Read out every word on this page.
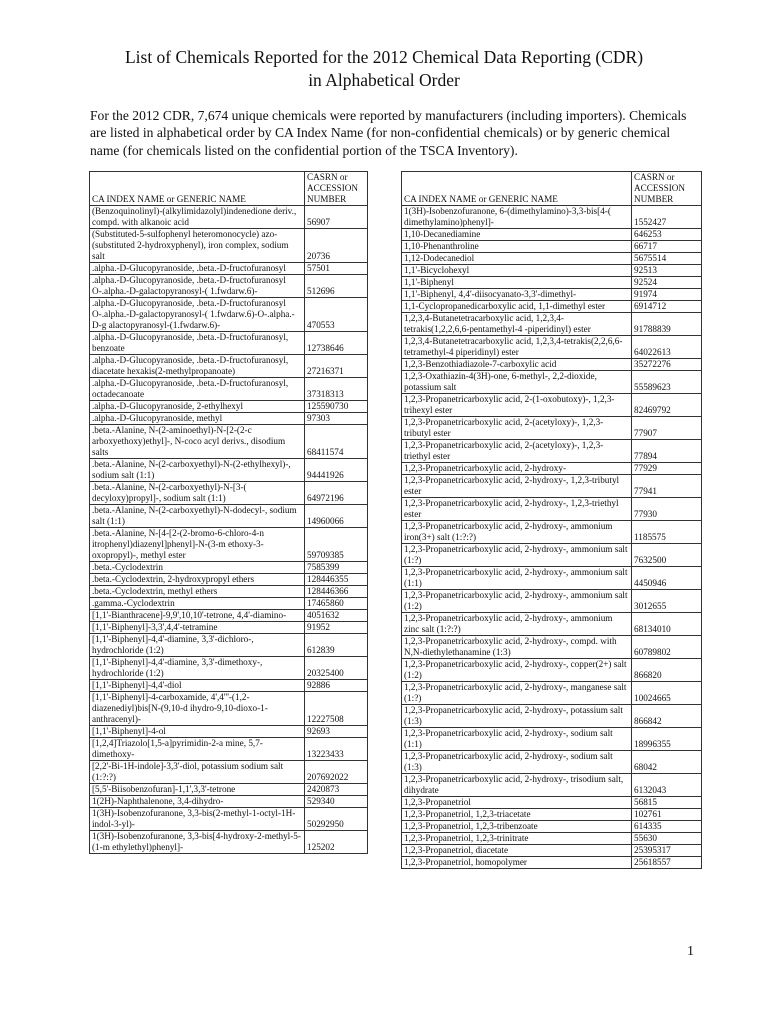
List of Chemicals Reported for the 2012 Chemical Data Reporting (CDR)
in Alphabetical Order

For the 2012 CDR, 7,674 unique chemicals were reported by manufacturers (including importers). Chemicals are listed in alphabetical order by CA Index Name (for non-confidential chemicals) or by generic chemical name (for chemicals listed on the confidential portion of the TSCA Inventory).

CA INDEX NAME or GENERIC NAME	CASRN or ACCESSION NUMBER
(Benzoquinolinyl)-(alkylimidazolyl)indenedione deriv., compd. with alkanoic acid	56907
(Substituted-5-sulfophenyl heteromonocycle) azo-(substituted 2-hydroxyphenyl), iron complex, sodium salt	20736
.alpha.-D-Glucopyranoside, .beta.-D-fructofuranosyl	57501
.alpha.-D-Glucopyranoside, .beta.-D-fructofuranosyl O-.alpha.-D-galactopyranosyl-( 1.fwdarw.6)-	512696
.alpha.-D-Glucopyranoside, .beta.-D-fructofuranosyl O-.alpha.-D-galactopyranosyl-( 1.fwdarw.6)-O-.alpha.-D-g alactopyranosyl-(1.fwdarw.6)-	470553
.alpha.-D-Glucopyranoside, .beta.-D-fructofuranosyl, benzoate	12738646
.alpha.-D-Glucopyranoside, .beta.-D-fructofuranosyl, diacetate hexakis(2-methylpropanoate)	27216371
.alpha.-D-Glucopyranoside, .beta.-D-fructofuranosyl, octadecanoate	37318313
.alpha.-D-Glucopyranoside, 2-ethylhexyl	125590730
.alpha.-D-Glucopyranoside, methyl	97303
.beta.-Alanine, N-(2-aminoethyl)-N-[2-(2-c arboxyethoxy)ethyl]-, N-coco acyl derivs., disodium salts	68411574
.beta.-Alanine, N-(2-carboxyethyl)-N-(2-ethylhexyl)-, sodium salt (1:1)	94441926
.beta.-Alanine, N-(2-carboxyethyl)-N-[3-( decyloxy)propyl]-, sodium salt (1:1)	64972196
.beta.-Alanine, N-(2-carboxyethyl)-N-dodecyl-, sodium salt (1:1)	14960066
.beta.-Alanine, N-[4-[2-(2-bromo-6-chloro-4-n itrophenyl)diazenyl]phenyl]-N-(3-m ethoxy-3-oxopropyl)-, methyl ester	59709385
.beta.-Cyclodextrin	7585399
.beta.-Cyclodextrin, 2-hydroxypropyl ethers	128446355
.beta.-Cyclodextrin, methyl ethers	128446366
.gamma.-Cyclodextrin	17465860
[1,1'-Bianthracene]-9,9',10,10'-tetrone, 4,4'-diamino-	4051632
[1,1'-Biphenyl]-3,3',4,4'-tetramine	91952
[1,1'-Biphenyl]-4,4'-diamine, 3,3'-dichloro-, hydrochloride (1:2)	612839
[1,1'-Biphenyl]-4,4'-diamine, 3,3'-dimethoxy-, hydrochloride (1:2)	20325400
[1,1'-Biphenyl]-4,4'-diol	92886
[1,1'-Biphenyl]-4-carboxamide, 4',4'''-(1,2-diazenediyl)bis[N-(9,10-d ihydro-9,10-dioxo-1-anthracenyl)-	12227508
[1,1'-Biphenyl]-4-ol	92693
[1,2,4]Triazolo[1,5-a]pyrimidin-2-a mine, 5,7-dimethoxy-	13223433
[2,2'-Bi-1H-indole]-3,3'-diol, potassium sodium salt (1:?:?)	207692022
[5,5'-Biisobenzofuran]-1,1',3,3'-tetrone	2420873
1(2H)-Naphthalenone, 3,4-dihydro-	529340
1(3H)-Isobenzofuranone, 3,3-bis(2-methyl-1-octyl-1H-indol-3-yl)-	50292950
1(3H)-Isobenzofuranone, 3,3-bis[4-hydroxy-2-methyl-5-(1-m ethylethyl)phenyl]-	125202
CA INDEX NAME or GENERIC NAME	CASRN or ACCESSION NUMBER
1(3H)-Isobenzofuranone, 6-(dimethylamino)-3,3-bis[4-( dimethylamino)phenyl]-	1552427
1,10-Decanediamine	646253
1,10-Phenanthroline	66717
1,12-Dodecanediol	5675514
1,1'-Bicyclohexyl	92513
1,1'-Biphenyl	92524
1,1'-Biphenyl, 4,4'-diisocyanato-3,3'-dimethyl-	91974
1,1-Cyclopropanedicarboxylic acid, 1,1-dimethyl ester	6914712
1,2,3,4-Butanetetracarboxylic acid, 1,2,3,4-tetrakis(1,2,2,6,6-pentamethyl-4 -piperidinyl) ester	91788839
1,2,3,4-Butanetetracarboxylic acid, 1,2,3,4-tetrakis(2,2,6,6-tetramethyl-4 piperidinyl) ester	64022613
1,2,3-Benzothiadiazole-7-carboxylic acid	35272276
1,2,3-Oxathiazin-4(3H)-one, 6-methyl-, 2,2-dioxide, potassium salt	55589623
1,2,3-Propanetricarboxylic acid, 2-(1-oxobutoxy)-, 1,2,3-trihexyl ester	82469792
1,2,3-Propanetricarboxylic acid, 2-(acetyloxy)-, 1,2,3-tributyl ester	77907
1,2,3-Propanetricarboxylic acid, 2-(acetyloxy)-, 1,2,3-triethyl ester	77894
1,2,3-Propanetricarboxylic acid, 2-hydroxy-	77929
1,2,3-Propanetricarboxylic acid, 2-hydroxy-, 1,2,3-tributyl ester	77941
1,2,3-Propanetricarboxylic acid, 2-hydroxy-, 1,2,3-triethyl ester	77930
1,2,3-Propanetricarboxylic acid, 2-hydroxy-, ammonium iron(3+) salt (1:?:?)	1185575
1,2,3-Propanetricarboxylic acid, 2-hydroxy-, ammonium salt (1:?)	7632500
1,2,3-Propanetricarboxylic acid, 2-hydroxy-, ammonium salt (1:1)	4450946
1,2,3-Propanetricarboxylic acid, 2-hydroxy-, ammonium salt (1:2)	3012655
1,2,3-Propanetricarboxylic acid, 2-hydroxy-, ammonium zinc salt (1:?:?)	68134010
1,2,3-Propanetricarboxylic acid, 2-hydroxy-, compd. with N,N-diethylethanamine (1:3)	60789802
1,2,3-Propanetricarboxylic acid, 2-hydroxy-, copper(2+) salt (1:2)	866820
1,2,3-Propanetricarboxylic acid, 2-hydroxy-, manganese salt (1:?)	10024665
1,2,3-Propanetricarboxylic acid, 2-hydroxy-, potassium salt (1:3)	866842
1,2,3-Propanetricarboxylic acid, 2-hydroxy-, sodium salt (1:1)	18996355
1,2,3-Propanetricarboxylic acid, 2-hydroxy-, sodium salt (1:3)	68042
1,2,3-Propanetricarboxylic acid, 2-hydroxy-, trisodium salt, dihydrate	6132043
1,2,3-Propanetriol	56815
1,2,3-Propanetriol, 1,2,3-triacetate	102761
1,2,3-Propanetriol, 1,2,3-tribenzoate	614335
1,2,3-Propanetriol, 1,2,3-trinitrate	55630
1,2,3-Propanetriol, diacetate	25395317
1,2,3-Propanetriol, homopolymer	25618557
1
